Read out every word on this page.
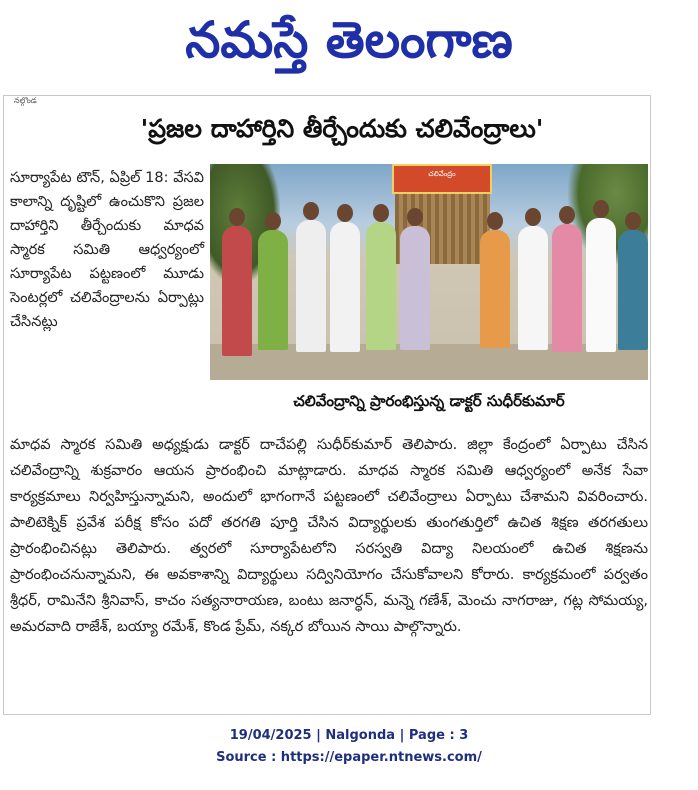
నమస్తే తెలంగాణ
నల్గొండ
'ప్రజల దాహార్తిని తీర్చేందుకు చలివేంద్రాలు'

సూర్యాపేట టౌన్, ఏప్రిల్ 18: వేసవి కాలాన్ని దృష్టిలో ఉంచుకొని ప్రజల దాహార్తిని తీర్చేందుకు మాధవ స్మారక సమితి ఆధ్వర్యంలో సూర్యాపేట పట్టణంలో మూడు సెంటర్లలో చలివేంద్రాలను ఏర్పాట్లు చేసినట్లు

చలివేంద్రం
చలివేంద్రాన్ని ప్రారంభిస్తున్న డాక్టర్ సుధీర్‌కుమార్
మాధవ స్మారక సమితి అధ్యక్షుడు డాక్టర్ దాచేపల్లి సుధీర్‌కుమార్ తెలిపారు. జిల్లా కేంద్రంలో ఏర్పాటు చేసిన చలివేంద్రాన్ని శుక్రవారం ఆయన ప్రారంభించి మాట్లాడారు. మాధవ స్మారక సమితి ఆధ్వర్యంలో అనేక సేవా కార్యక్రమాలు నిర్వహిస్తున్నామని, అందులో భాగంగానే పట్టణంలో చలివేంద్రాలు ఏర్పాటు చేశామని వివరించారు. పాలిటెక్నిక్ ప్రవేశ పరీక్ష కోసం పదో తరగతి పూర్తి చేసిన విద్యార్థులకు తుంగతుర్తిలో ఉచిత శిక్షణ తరగతులు ప్రారంభించినట్లు తెలిపారు. త్వరలో సూర్యాపేటలోని సరస్వతి విద్యా నిలయంలో ఉచిత శిక్షణను ప్రారంభించనున్నామని, ఈ అవకాశాన్ని విద్యార్థులు సద్వినియోగం చేసుకోవాలని కోరారు. కార్యక్రమంలో పర్వతం శ్రీధర్, రామినేని శ్రీనివాస్, కాచం సత్యనారాయణ, బంటు జనార్ధన్, మన్నె గణేశ్, మెంచు నాగరాజు, గట్ల సోమయ్య, అమరవాది రాజేశ్, బయ్యా రమేశ్, కొండ ప్రేమ్, నక్కర బోయిన సాయి పాల్గొన్నారు.
19/04/2025 | Nalgonda | Page : 3
Source : https://epaper.ntnews.com/
